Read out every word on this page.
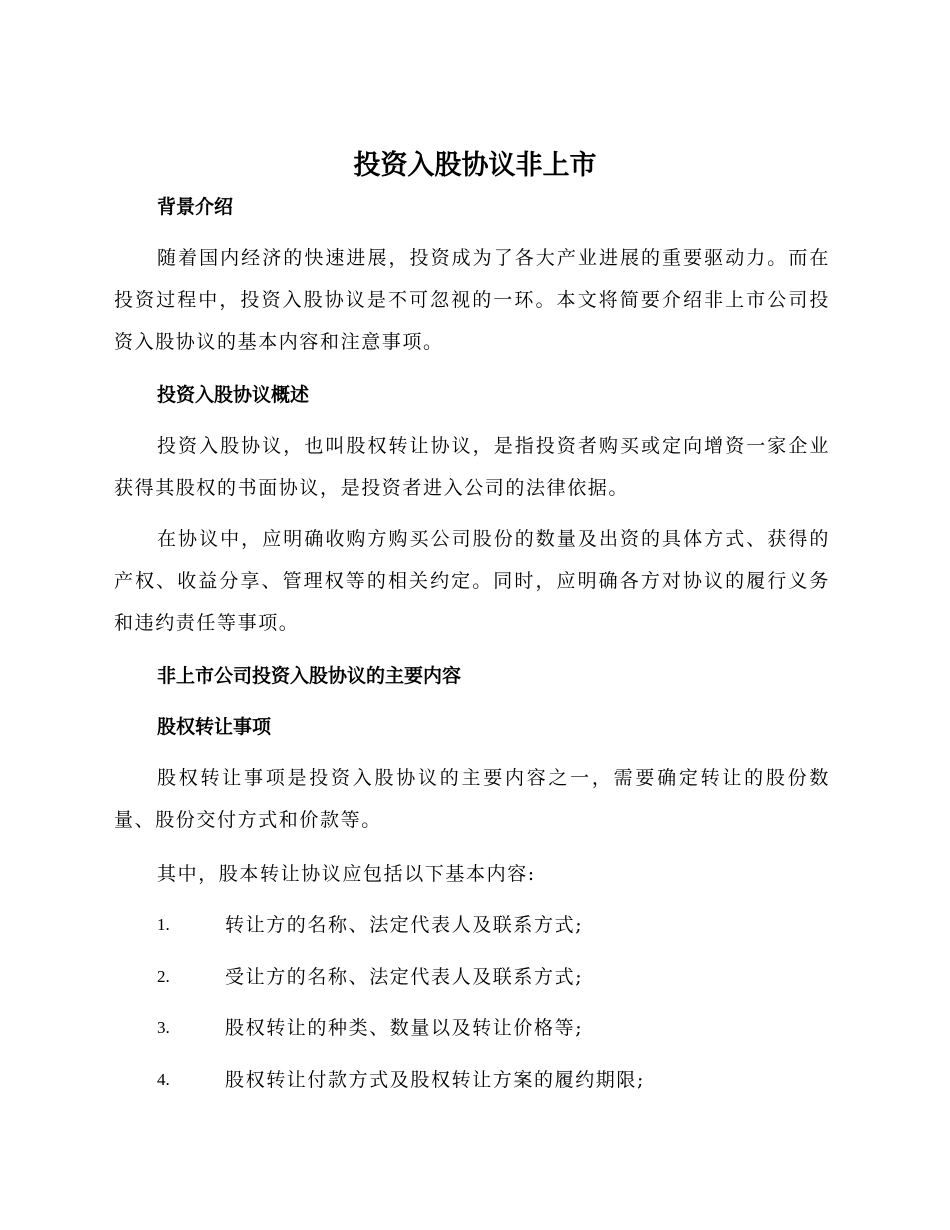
投资入股协议非上市
背景介绍

随着国内经济的快速进展，投资成为了各大产业进展的重要驱动力。而在投资过程中，投资入股协议是不可忽视的一环。本文将简要介绍非上市公司投资入股协议的基本内容和注意事项。

投资入股协议概述

投资入股协议，也叫股权转让协议，是指投资者购买或定向增资一家企业获得其股权的书面协议，是投资者进入公司的法律依据。

在协议中，应明确收购方购买公司股份的数量及出资的具体方式、获得的产权、收益分享、管理权等的相关约定。同时，应明确各方对协议的履行义务和违约责任等事项。

非上市公司投资入股协议的主要内容
股权转让事项

股权转让事项是投资入股协议的主要内容之一，需要确定转让的股份数量、股份交付方式和价款等。

其中，股本转让协议应包括以下基本内容:

1.	转让方的名称、法定代表人及联系方式;
2.	受让方的名称、法定代表人及联系方式;
3.	股权转让的种类、数量以及转让价格等;
4.	股权转让付款方式及股权转让方案的履约期限;
